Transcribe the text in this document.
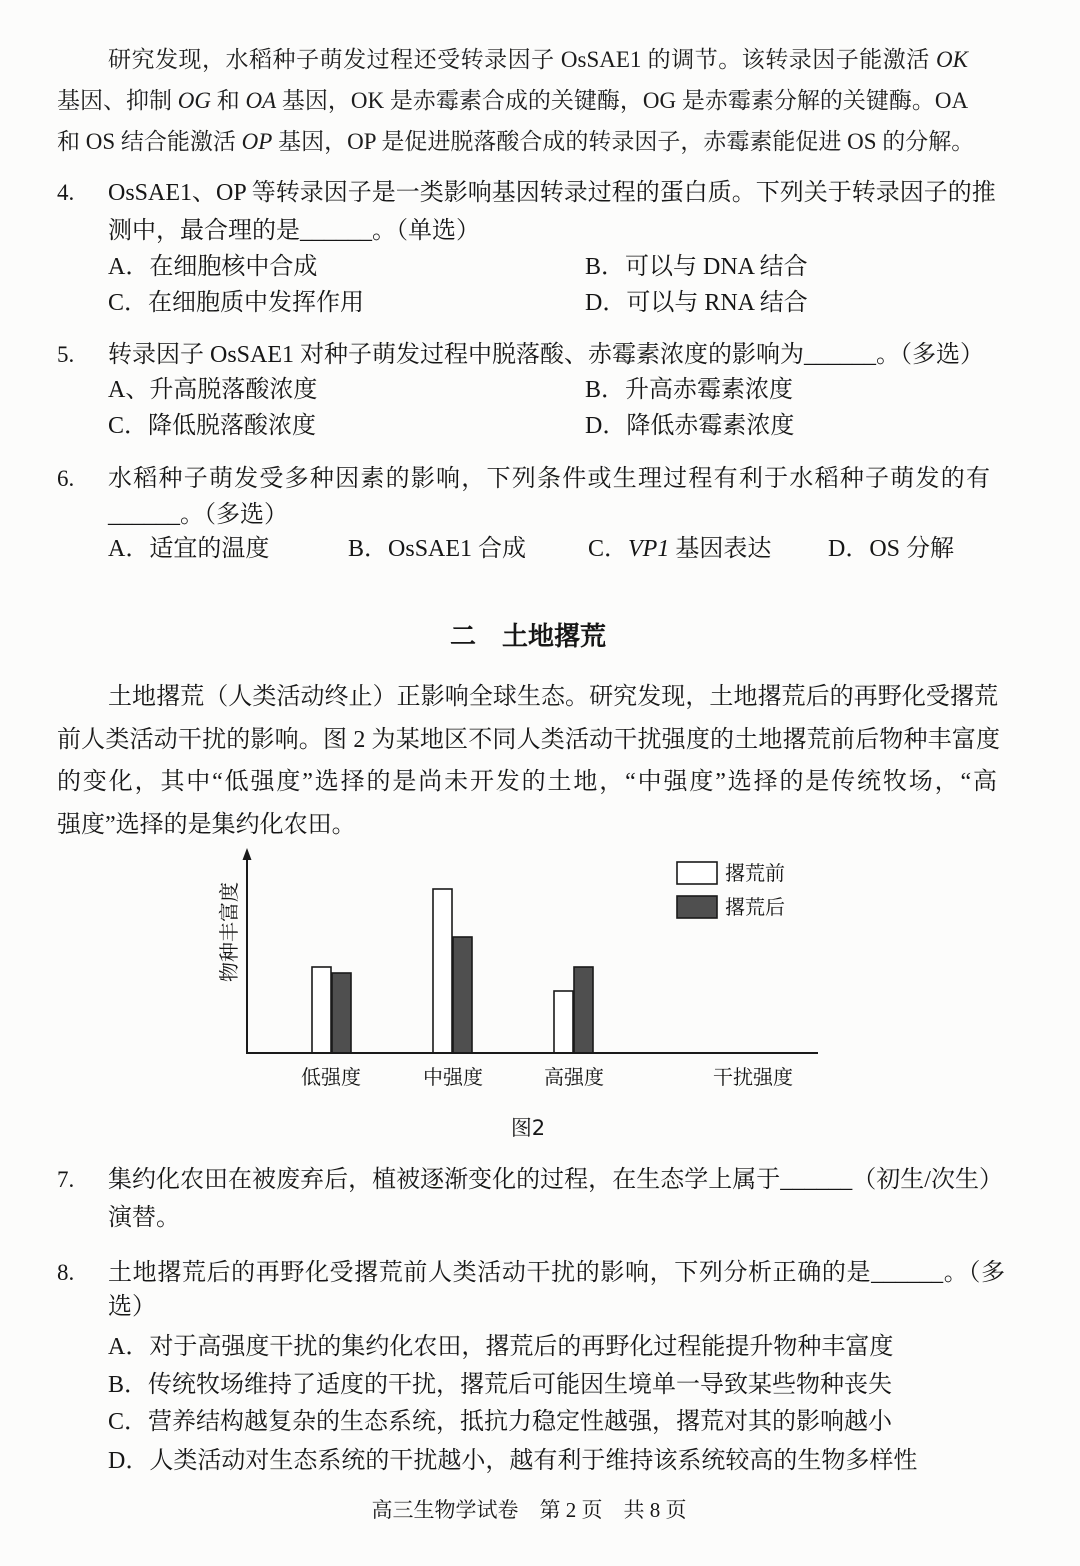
研究发现，水稻种子萌发过程还受转录因子 OsSAE1 的调节。该转录因子能激活 OK
基因、抑制 OG 和 OA 基因，OK 是赤霉素合成的关键酶，OG 是赤霉素分解的关键酶。OA
和 OS 结合能激活 OP 基因，OP 是促进脱落酸合成的转录因子，赤霉素能促进 OS 的分解。
4. OsSAE1、OP 等转录因子是一类影响基因转录过程的蛋白质。下列关于转录因子的推
测中，最合理的是______。（单选）
A．在细胞核中合成	B．可以与 DNA 结合
C．在细胞质中发挥作用	D．可以与 RNA 结合
5. 转录因子 OsSAE1 对种子萌发过程中脱落酸、赤霉素浓度的影响为______。（多选）
A、升高脱落酸浓度	B．升高赤霉素浓度
C．降低脱落酸浓度	D．降低赤霉素浓度
6. 水稻种子萌发受多种因素的影响，下列条件或生理过程有利于水稻种子萌发的有
______。（多选）
A．适宜的温度	B．OsSAE1 合成	C．VP1 基因表达 D．OS 分解
二　土地撂荒
土地撂荒（人类活动终止）正影响全球生态。研究发现，土地撂荒后的再野化受撂荒
前人类活动干扰的影响。图 2 为某地区不同人类活动干扰强度的土地撂荒前后物种丰富度
的变化，其中“低强度”选择的是尚未开发的土地，“中强度”选择的是传统牧场，“高
强度”选择的是集约化农田。
物种丰富度
撂荒前
撂荒后
低强度	中强度	高强度	干扰强度
图2
7. 集约化农田在被废弃后，植被逐渐变化的过程，在生态学上属于______（初生/次生）
演替。
8. 土地撂荒后的再野化受撂荒前人类活动干扰的影响，下列分析正确的是______。（多
选）
A．对于高强度干扰的集约化农田，撂荒后的再野化过程能提升物种丰富度
B．传统牧场维持了适度的干扰，撂荒后可能因生境单一导致某些物种丧失
C．营养结构越复杂的生态系统，抵抗力稳定性越强，撂荒对其的影响越小
D．人类活动对生态系统的干扰越小，越有利于维持该系统较高的生物多样性
高三生物学试卷　第 2 页　共 8 页
